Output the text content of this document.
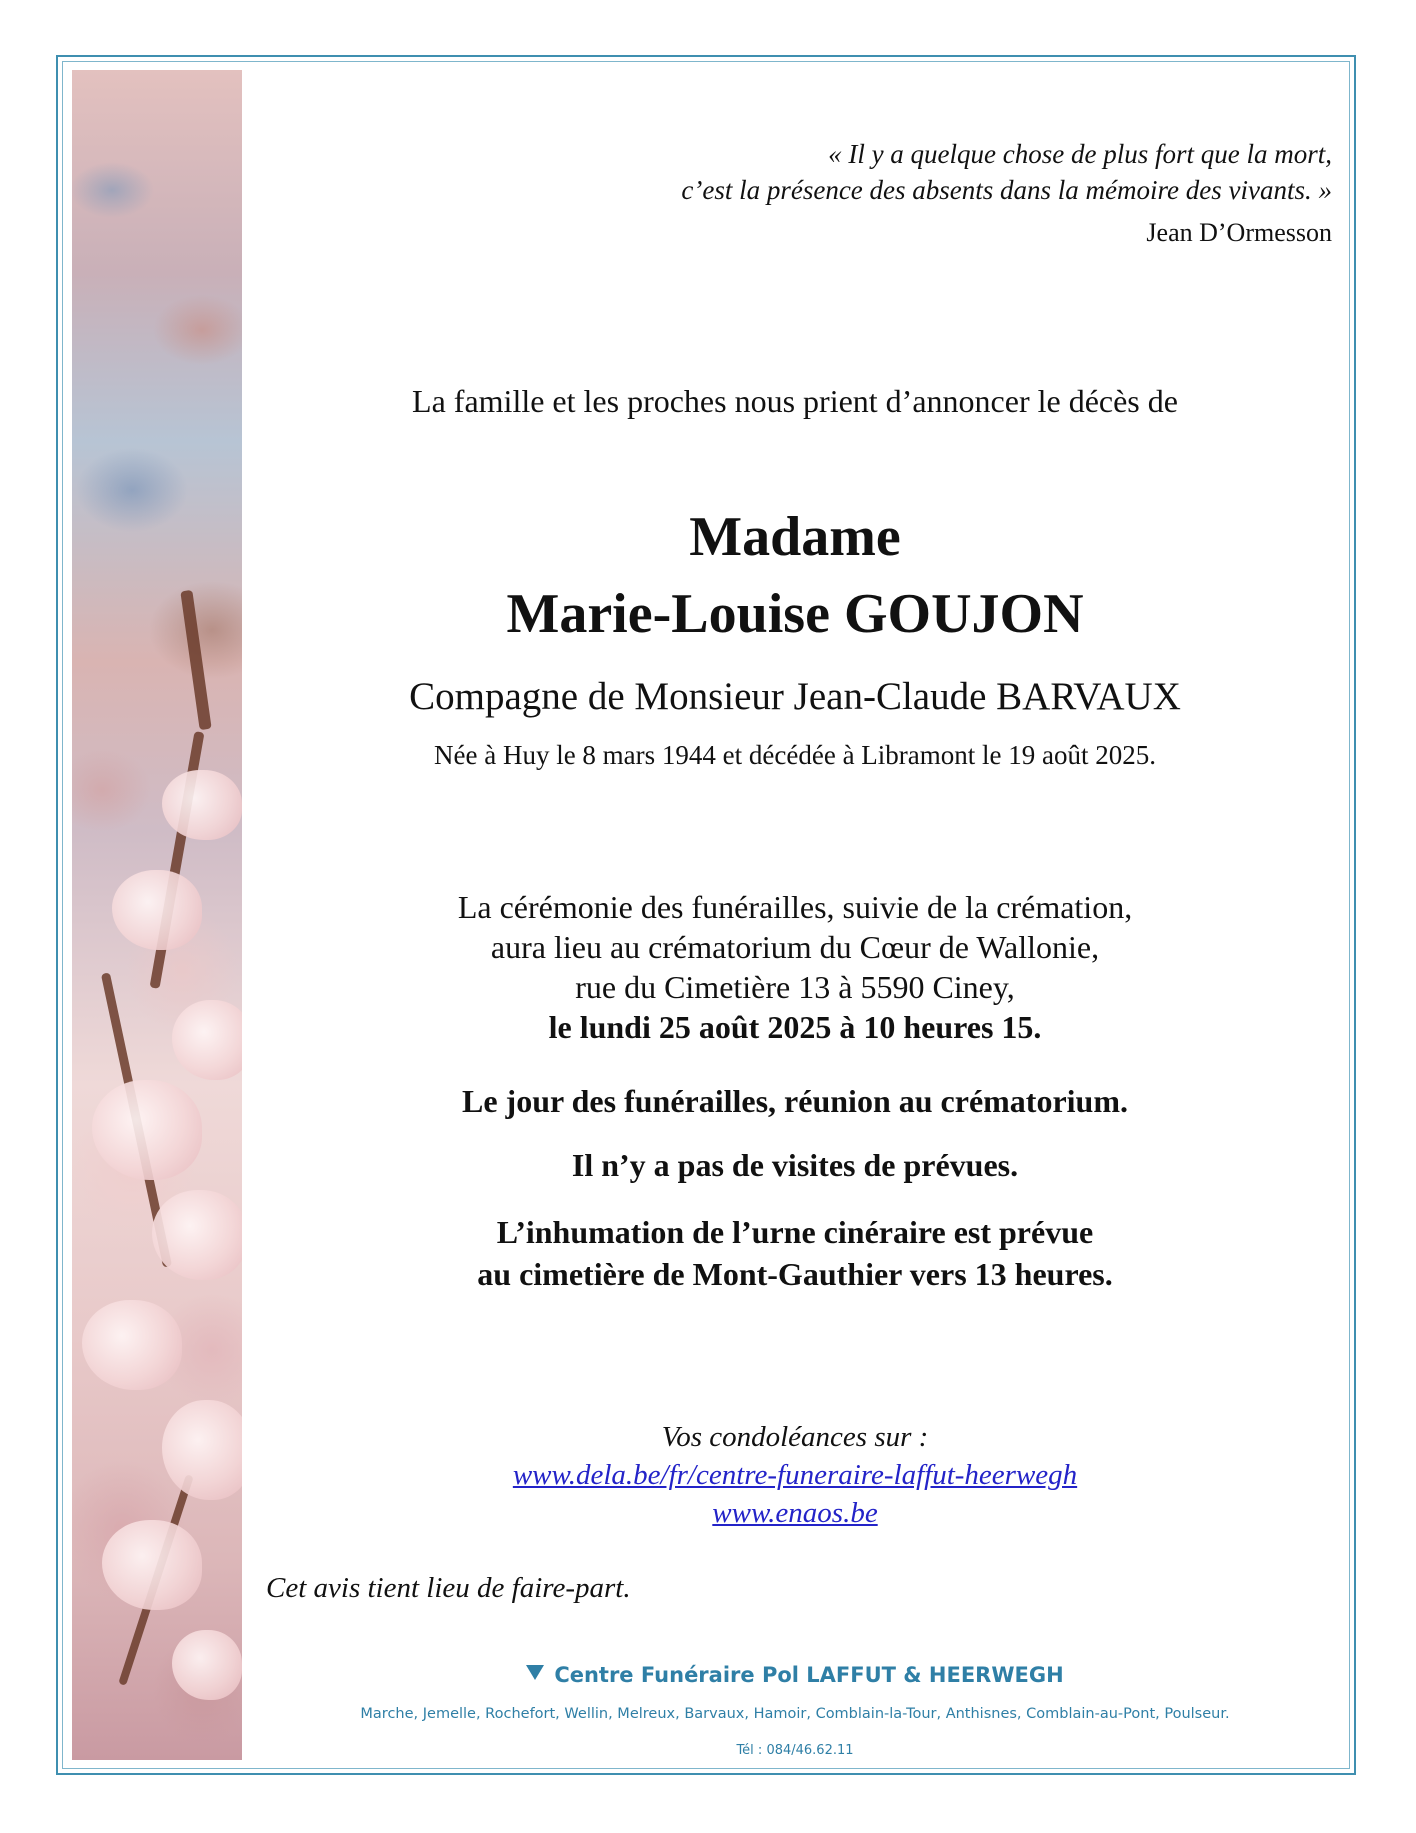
« Il y a quelque chose de plus fort que la mort,
c’est la présence des absents dans la mémoire des vivants. »
Jean D’Ormesson
La famille et les proches nous prient d’annoncer le décès de
Madame
Marie-Louise GOUJON
Compagne de Monsieur Jean-Claude BARVAUX
Née à Huy le 8 mars 1944 et décédée à Libramont le 19 août 2025.
La cérémonie des funérailles, suivie de la crémation,
aura lieu au crématorium du Cœur de Wallonie,
rue du Cimetière 13 à 5590 Ciney,
le lundi 25 août 2025 à 10 heures 15.
Le jour des funérailles, réunion au crématorium.
Il n’y a pas de visites de prévues.
L’inhumation de l’urne cinéraire est prévue
au cimetière de Mont-Gauthier vers 13 heures.
Vos condoléances sur :
www.dela.be/fr/centre-funeraire-laffut-heerwegh
www.enaos.be
Cet avis tient lieu de faire-part.
Centre Funéraire Pol LAFFUT & HEERWEGH
Marche, Jemelle, Rochefort, Wellin, Melreux, Barvaux, Hamoir, Comblain-la-Tour, Anthisnes, Comblain-au-Pont, Poulseur.
Tél : 084/46.62.11
